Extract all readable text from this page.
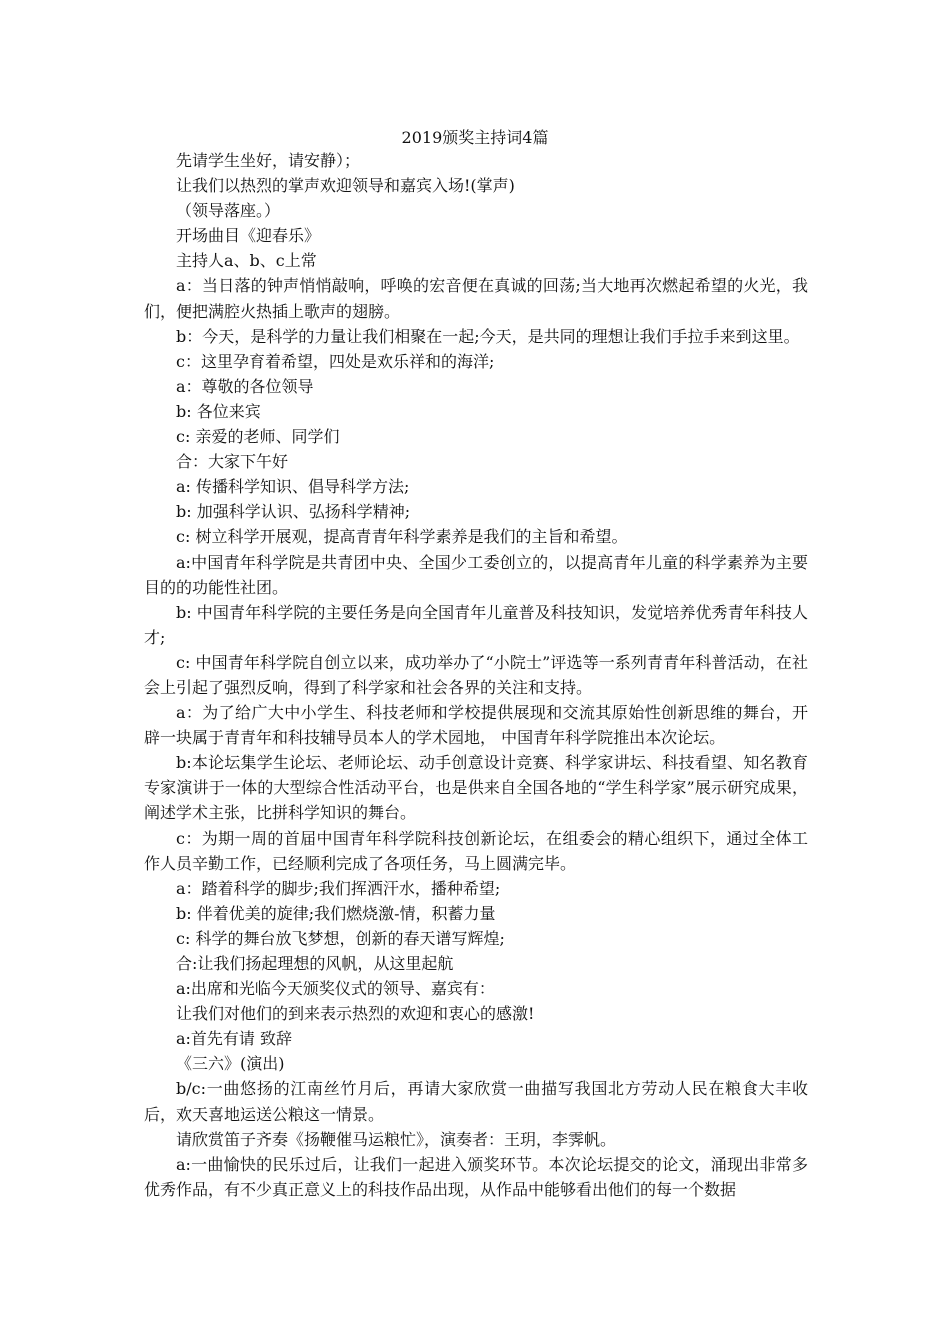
2019颁奖主持词4篇

先请学生坐好，请安静）；

让我们以热烈的掌声欢迎领导和嘉宾入场!(掌声)

（领导落座。）

开场曲目《迎春乐》

主持人a、b、c上常

a：当日落的钟声悄悄敲响，呼唤的宏音便在真诚的回荡;当大地再次燃起希望的火光，我们，便把满腔火热插上歌声的翅膀。

b：今天，是科学的力量让我们相聚在一起;今天，是共同的理想让我们手拉手来到这里。

c：这里孕育着希望，四处是欢乐祥和的海洋;

a：尊敬的各位领导

b: 各位来宾

c: 亲爱的老师、同学们

合：大家下午好

a: 传播科学知识、倡导科学方法;

b: 加强科学认识、弘扬科学精神;

c: 树立科学开展观，提高青青年科学素养是我们的主旨和希望。

a:中国青年科学院是共青团中央、全国少工委创立的，以提高青年儿童的科学素养为主要目的的功能性社团。

b: 中国青年科学院的主要任务是向全国青年儿童普及科技知识，发觉培养优秀青年科技人才;

c: 中国青年科学院自创立以来，成功举办了“小院士”评选等一系列青青年科普活动，在社会上引起了强烈反响，得到了科学家和社会各界的关注和支持。

a：为了给广大中小学生、科技老师和学校提供展现和交流其原始性创新思维的舞台，开辟一块属于青青年和科技辅导员本人的学术园地， 中国青年科学院推出本次论坛。

b:本论坛集学生论坛、老师论坛、动手创意设计竞赛、科学家讲坛、科技看望、知名教育专家演讲于一体的大型综合性活动平台，也是供来自全国各地的“学生科学家”展示研究成果，阐述学术主张，比拼科学知识的舞台。

c：为期一周的首届中国青年科学院科技创新论坛，在组委会的精心组织下，通过全体工作人员辛勤工作，已经顺利完成了各项任务，马上圆满完毕。

a：踏着科学的脚步;我们挥洒汗水，播种希望;

b: 伴着优美的旋律;我们燃烧激-情，积蓄力量

c: 科学的舞台放飞梦想，创新的春天谱写辉煌;

合:让我们扬起理想的风帆，从这里起航

a:出席和光临今天颁奖仪式的领导、嘉宾有：

让我们对他们的到来表示热烈的欢迎和衷心的感激!

a:首先有请 致辞

《三六》(演出)

b/c:一曲悠扬的江南丝竹月后，再请大家欣赏一曲描写我国北方劳动人民在粮食大丰收后，欢天喜地运送公粮这一情景。

请欣赏笛子齐奏《扬鞭催马运粮忙》，演奏者：王玥，李霁帆。

a:一曲愉快的民乐过后，让我们一起进入颁奖环节。本次论坛提交的论文，涌现出非常多优秀作品，有不少真正意义上的科技作品出现，从作品中能够看出他们的每一个数据
